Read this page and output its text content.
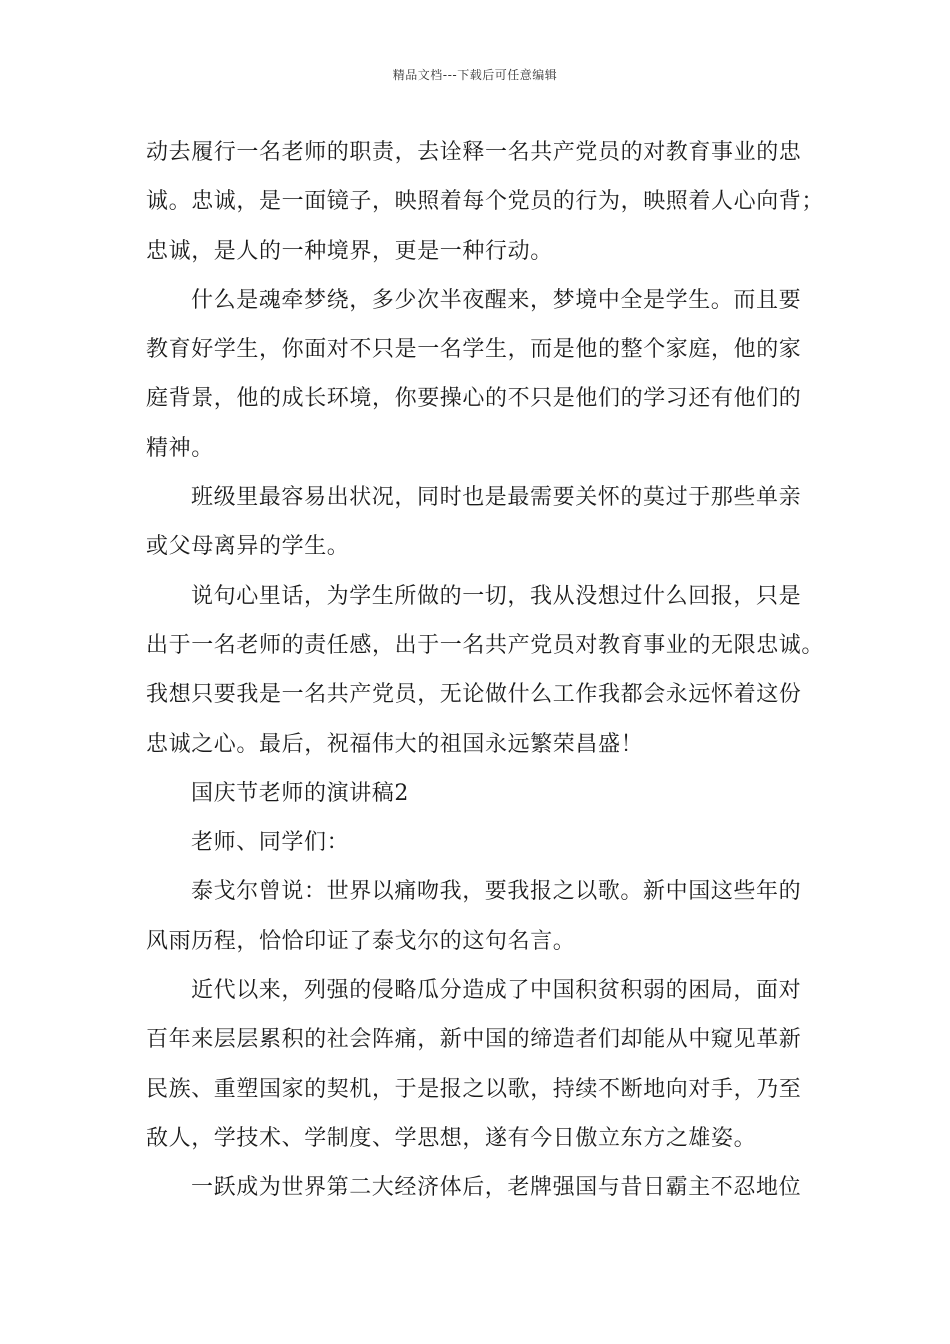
精品文档---下载后可任意编辑
动去履行一名老师的职责，去诠释一名共产党员的对教育事业的忠
诚。忠诚，是一面镜子，映照着每个党员的行为，映照着人心向背；
忠诚，是人的一种境界，更是一种行动。
什么是魂牵梦绕，多少次半夜醒来，梦境中全是学生。而且要
教育好学生，你面对不只是一名学生，而是他的整个家庭，他的家
庭背景，他的成长环境，你要操心的不只是他们的学习还有他们的
精神。
班级里最容易出状况，同时也是最需要关怀的莫过于那些单亲
或父母离异的学生。
说句心里话，为学生所做的一切，我从没想过什么回报，只是
出于一名老师的责任感，出于一名共产党员对教育事业的无限忠诚。
我想只要我是一名共产党员，无论做什么工作我都会永远怀着这份
忠诚之心。最后，祝福伟大的祖国永远繁荣昌盛！
国庆节老师的演讲稿2
老师、同学们：
泰戈尔曾说：世界以痛吻我，要我报之以歌。新中国这些年的
风雨历程，恰恰印证了泰戈尔的这句名言。
近代以来，列强的侵略瓜分造成了中国积贫积弱的困局，面对
百年来层层累积的社会阵痛，新中国的缔造者们却能从中窥见革新
民族、重塑国家的契机，于是报之以歌，持续不断地向对手，乃至
敌人，学技术、学制度、学思想，遂有今日傲立东方之雄姿。
一跃成为世界第二大经济体后，老牌强国与昔日霸主不忍地位
